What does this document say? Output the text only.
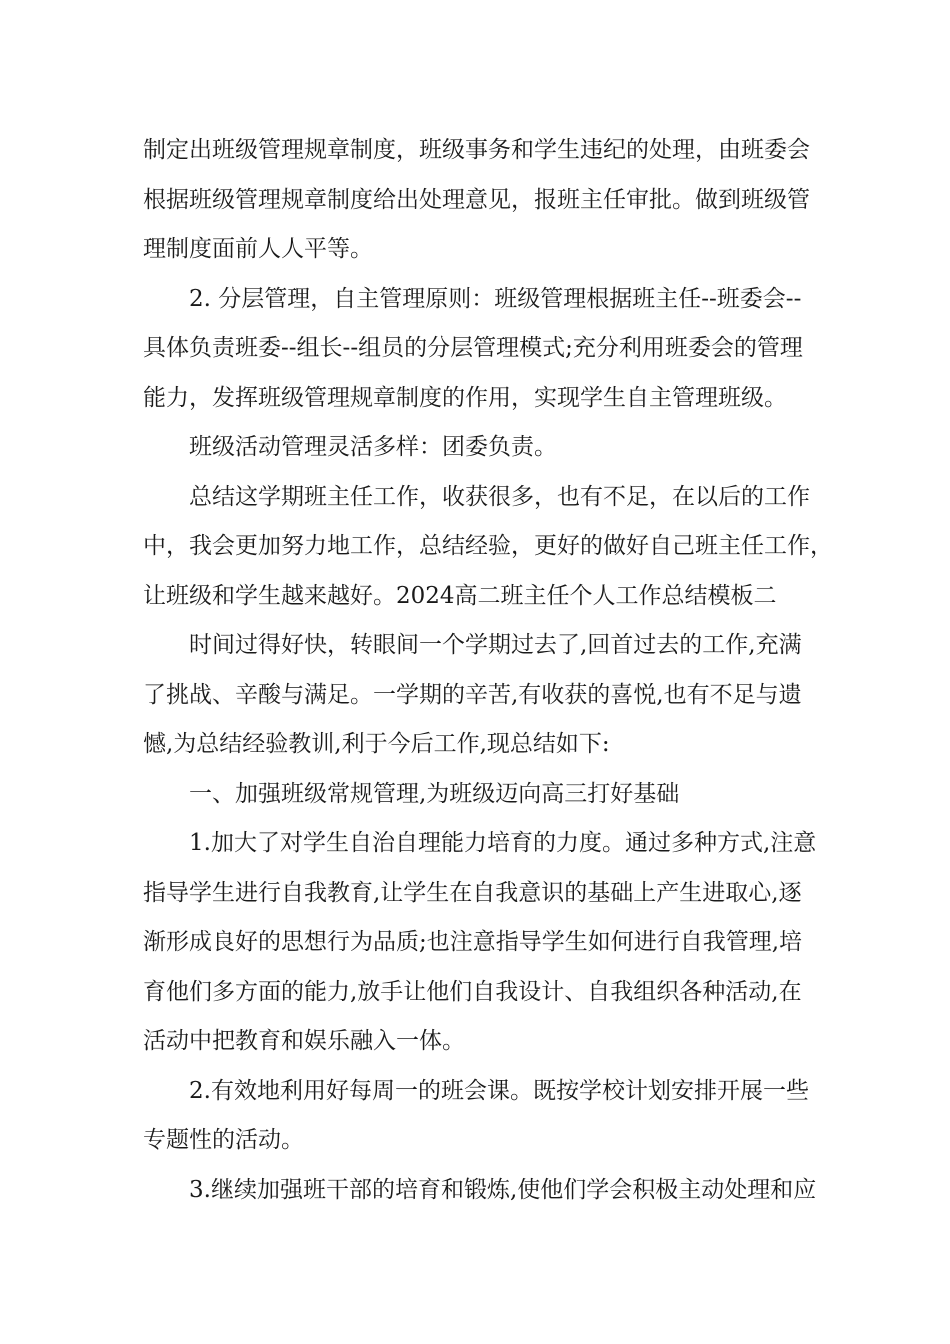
制定出班级管理规章制度，班级事务和学生违纪的处理，由班委会
根据班级管理规章制度给出处理意见，报班主任审批。做到班级管
理制度面前人人平等。
　　2. 分层管理，自主管理原则：班级管理根据班主任--班委会--
具体负责班委--组长--组员的分层管理模式;充分利用班委会的管理
能力，发挥班级管理规章制度的作用，实现学生自主管理班级。
　　班级活动管理灵活多样：团委负责。
　　总结这学期班主任工作，收获很多，也有不足，在以后的工作
中，我会更加努力地工作，总结经验，更好的做好自己班主任工作，
让班级和学生越来越好。2024高二班主任个人工作总结模板二
　　时间过得好快，转眼间一个学期过去了,回首过去的工作,充满
了挑战、辛酸与满足。一学期的辛苦,有收获的喜悦,也有不足与遗
憾,为总结经验教训,利于今后工作,现总结如下:
　　一、加强班级常规管理,为班级迈向高三打好基础
　　1.加大了对学生自治自理能力培育的力度。通过多种方式,注意
指导学生进行自我教育,让学生在自我意识的基础上产生进取心,逐
渐形成良好的思想行为品质;也注意指导学生如何进行自我管理,培
育他们多方面的能力,放手让他们自我设计、自我组织各种活动,在
活动中把教育和娱乐融入一体。
　　2.有效地利用好每周一的班会课。既按学校计划安排开展一些
专题性的活动。
　　3.继续加强班干部的培育和锻炼,使他们学会积极主动处理和应
